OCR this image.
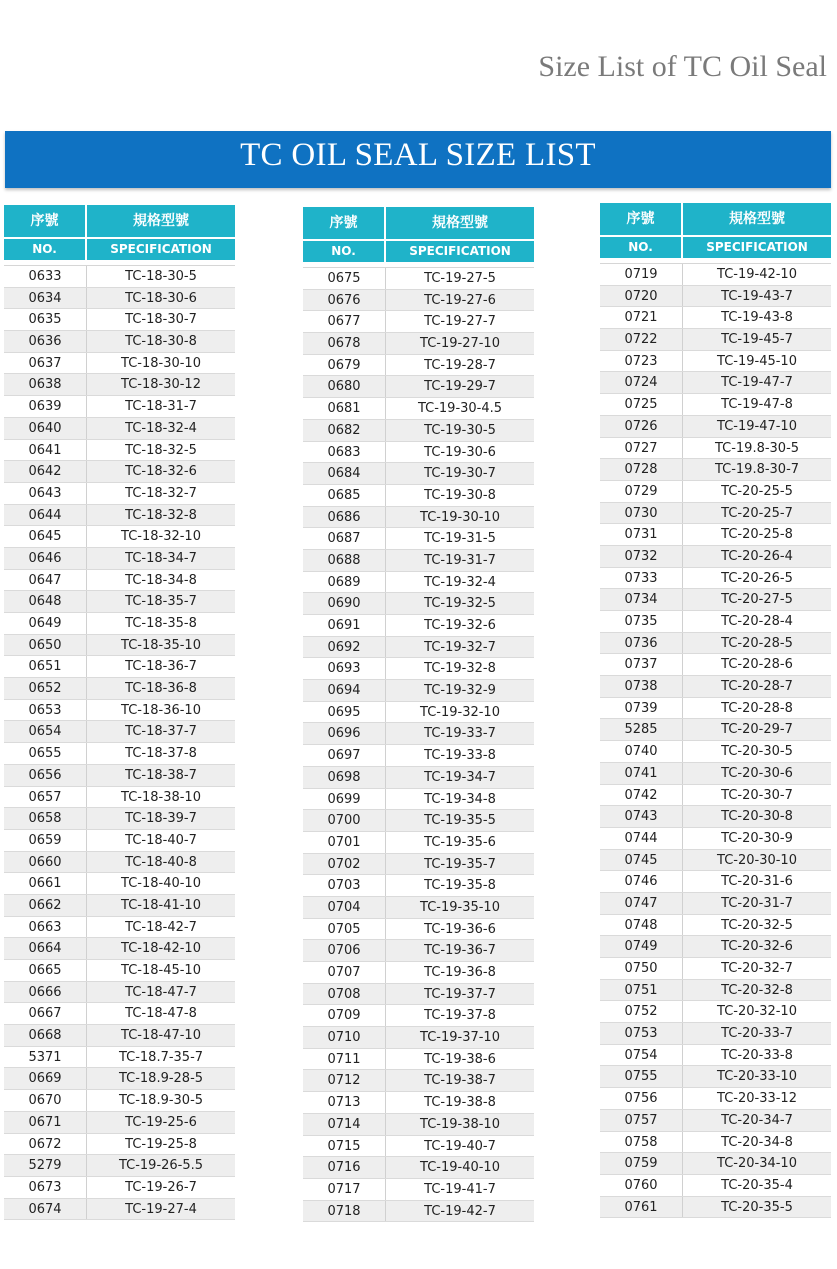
Size List of TC Oil Seal
TC OIL SEAL SIZE LIST
序號	規格型號
NO.	SPECIFICATION
0633	TC-18-30-5
0634	TC-18-30-6
0635	TC-18-30-7
0636	TC-18-30-8
0637	TC-18-30-10
0638	TC-18-30-12
0639	TC-18-31-7
0640	TC-18-32-4
0641	TC-18-32-5
0642	TC-18-32-6
0643	TC-18-32-7
0644	TC-18-32-8
0645	TC-18-32-10
0646	TC-18-34-7
0647	TC-18-34-8
0648	TC-18-35-7
0649	TC-18-35-8
0650	TC-18-35-10
0651	TC-18-36-7
0652	TC-18-36-8
0653	TC-18-36-10
0654	TC-18-37-7
0655	TC-18-37-8
0656	TC-18-38-7
0657	TC-18-38-10
0658	TC-18-39-7
0659	TC-18-40-7
0660	TC-18-40-8
0661	TC-18-40-10
0662	TC-18-41-10
0663	TC-18-42-7
0664	TC-18-42-10
0665	TC-18-45-10
0666	TC-18-47-7
0667	TC-18-47-8
0668	TC-18-47-10
5371	TC-18.7-35-7
0669	TC-18.9-28-5
0670	TC-18.9-30-5
0671	TC-19-25-6
0672	TC-19-25-8
5279	TC-19-26-5.5
0673	TC-19-26-7
0674	TC-19-27-4
序號	規格型號
NO.	SPECIFICATION
0675	TC-19-27-5
0676	TC-19-27-6
0677	TC-19-27-7
0678	TC-19-27-10
0679	TC-19-28-7
0680	TC-19-29-7
0681	TC-19-30-4.5
0682	TC-19-30-5
0683	TC-19-30-6
0684	TC-19-30-7
0685	TC-19-30-8
0686	TC-19-30-10
0687	TC-19-31-5
0688	TC-19-31-7
0689	TC-19-32-4
0690	TC-19-32-5
0691	TC-19-32-6
0692	TC-19-32-7
0693	TC-19-32-8
0694	TC-19-32-9
0695	TC-19-32-10
0696	TC-19-33-7
0697	TC-19-33-8
0698	TC-19-34-7
0699	TC-19-34-8
0700	TC-19-35-5
0701	TC-19-35-6
0702	TC-19-35-7
0703	TC-19-35-8
0704	TC-19-35-10
0705	TC-19-36-6
0706	TC-19-36-7
0707	TC-19-36-8
0708	TC-19-37-7
0709	TC-19-37-8
0710	TC-19-37-10
0711	TC-19-38-6
0712	TC-19-38-7
0713	TC-19-38-8
0714	TC-19-38-10
0715	TC-19-40-7
0716	TC-19-40-10
0717	TC-19-41-7
0718	TC-19-42-7
序號	規格型號
NO.	SPECIFICATION
0719	TC-19-42-10
0720	TC-19-43-7
0721	TC-19-43-8
0722	TC-19-45-7
0723	TC-19-45-10
0724	TC-19-47-7
0725	TC-19-47-8
0726	TC-19-47-10
0727	TC-19.8-30-5
0728	TC-19.8-30-7
0729	TC-20-25-5
0730	TC-20-25-7
0731	TC-20-25-8
0732	TC-20-26-4
0733	TC-20-26-5
0734	TC-20-27-5
0735	TC-20-28-4
0736	TC-20-28-5
0737	TC-20-28-6
0738	TC-20-28-7
0739	TC-20-28-8
5285	TC-20-29-7
0740	TC-20-30-5
0741	TC-20-30-6
0742	TC-20-30-7
0743	TC-20-30-8
0744	TC-20-30-9
0745	TC-20-30-10
0746	TC-20-31-6
0747	TC-20-31-7
0748	TC-20-32-5
0749	TC-20-32-6
0750	TC-20-32-7
0751	TC-20-32-8
0752	TC-20-32-10
0753	TC-20-33-7
0754	TC-20-33-8
0755	TC-20-33-10
0756	TC-20-33-12
0757	TC-20-34-7
0758	TC-20-34-8
0759	TC-20-34-10
0760	TC-20-35-4
0761	TC-20-35-5
